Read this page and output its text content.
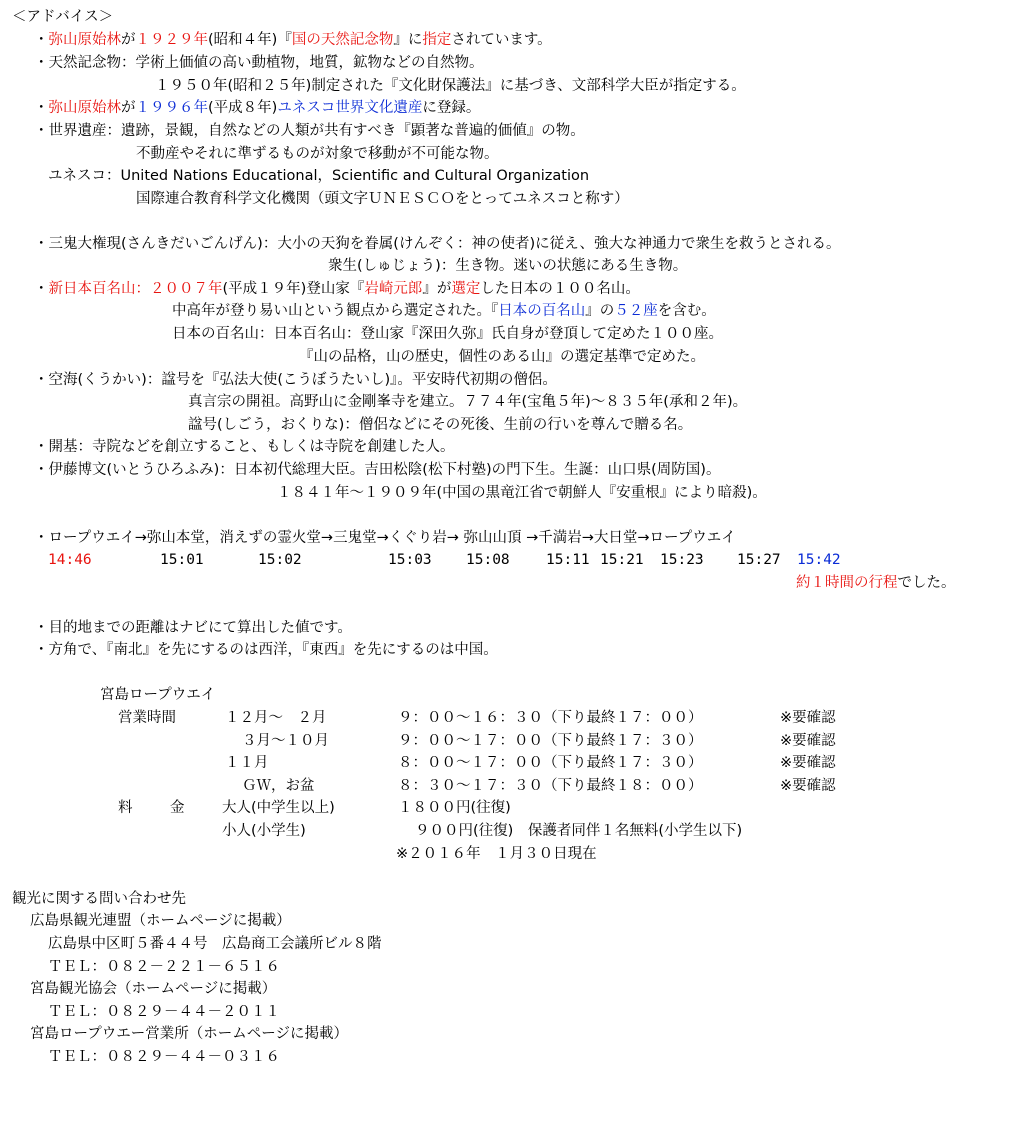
＜アドバイス＞
・弥山原始林が１９２９年(昭和４年)『国の天然記念物』に指定されています。
・天然記念物：学術上価値の高い動植物，地質，鉱物などの自然物。
１９５０年(昭和２５年)制定された『文化財保護法』に基づき、文部科学大臣が指定する。
・弥山原始林が１９９６年(平成８年)ユネスコ世界文化遺産に登録。
・世界遺産：遺跡，景観，自然などの人類が共有すべき『顕著な普遍的価値』の物。
不動産やそれに準ずるものが対象で移動が不可能な物。
ユネスコ：United Nations Educational，Scientific and Cultural Organization
国際連合教育科学文化機関（頭文字ＵＮＥＳＣＯをとってユネスコと称す）
・三鬼大権現(さんきだいごんげん)：大小の天狗を眷属(けんぞく：神の使者)に従え、強大な神通力で衆生を救うとされる。
衆生(しゅじょう)：生き物。迷いの状態にある生き物。
・新日本百名山：２００７年(平成１９年)登山家『岩崎元郎』が選定した日本の１００名山。
中高年が登り易い山という観点から選定された。『日本の百名山』の５２座を含む。
日本の百名山：日本百名山：登山家『深田久弥』氏自身が登頂して定めた１００座。
『山の品格，山の歴史，個性のある山』の選定基準で定めた。
・空海(くうかい)：諡号を『弘法大使(こうぼうたいし)』。平安時代初期の僧侶。
真言宗の開祖。高野山に金剛峯寺を建立。７７４年(宝亀５年)～８３５年(承和２年)。
諡号(しごう，おくりな)：僧侶などにその死後、生前の行いを尊んで贈る名。
・開基：寺院などを創立すること、もしくは寺院を創建した人。
・伊藤博文(いとうひろふみ)：日本初代総理大臣。吉田松陰(松下村塾)の門下生。生誕：山口県(周防国)。
１８４１年～１９０９年(中国の黒竜江省で朝鮮人『安重根』により暗殺)。
・ロープウエイ→弥山本堂，消えずの霊火堂→三鬼堂→くぐり岩→ 弥山山頂 →千満岩→大日堂→ロープウエイ
14:46	15:01	15:02	15:03 15:08	15:11 15:21 15:23 15:27 15:42
約１時間の行程でした。
・目的地までの距離はナビにて算出した値です。
・方角で、『南北』を先にするのは西洋，『東西』を先にするのは中国。
宮島ロープウエイ
営業時間	１２月～　２月	９：００～１６：３０（下り最終１７：００）	※要確認
３月～１０月	９：００～１７：００（下り最終１７：３０）	※要確認
１１月	８：００～１７：００（下り最終１７：３０）	※要確認
ＧＷ，お盆	８：３０～１７：３０（下り最終１８：００）	※要確認
料	金	大人(中学生以上)	１８００円(往復)
小人(小学生)	９００円(往復)　保護者同伴１名無料(小学生以下)
※２０１６年　１月３０日現在
観光に関する問い合わせ先
広島県観光連盟（ホームページに掲載）
広島県中区町５番４４号　広島商工会議所ビル８階
ＴＥＬ：０８２－２２１－６５１６
宮島観光協会（ホームページに掲載）
ＴＥＬ：０８２９－４４－２０１１
宮島ロープウエー営業所（ホームページに掲載）
ＴＥＬ：０８２９－４４－０３１６
